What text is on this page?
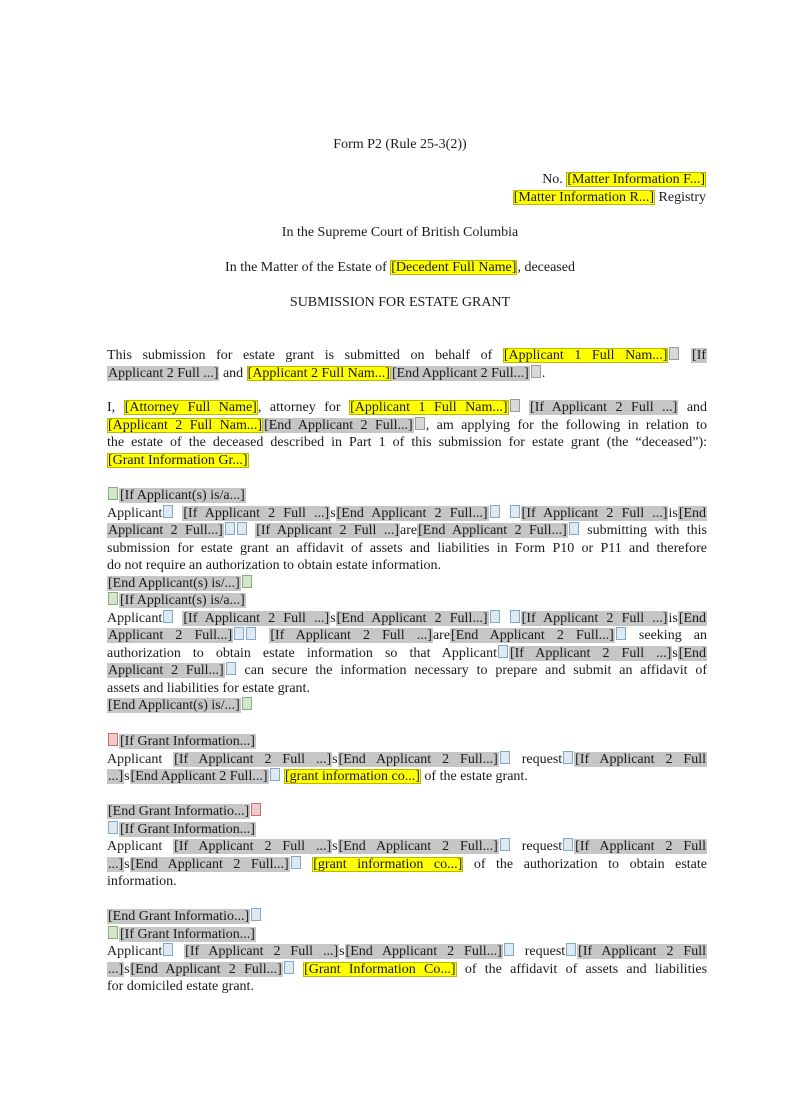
Form P2 (Rule 25-3(2))
No. [Matter Information F...]
[Matter Information R...] Registry
In the Supreme Court of British Columbia
In the Matter of the Estate of [Decedent Full Name], deceased
SUBMISSION FOR ESTATE GRANT
This submission for estate grant is submitted on behalf of [Applicant 1 Full Nam...] [If
Applicant 2 Full ...] and [Applicant 2 Full Nam...] [End Applicant 2 Full...] .
I, [Attorney Full Name], attorney for [Applicant 1 Full Nam...] [If Applicant 2 Full ...] and
[Applicant 2 Full Nam...] [End Applicant 2 Full...] , am applying for the following in relation to
the estate of the deceased described in Part 1 of this submission for estate grant (the “deceased”):
[Grant Information Gr...]
[If Applicant(s) is/a...]
Applicant [If Applicant 2 Full ...]s[End Applicant 2 Full...] [If Applicant 2 Full ...]is[End
Applicant 2 Full...] [If Applicant 2 Full ...]are[End Applicant 2 Full...] submitting with this
submission for estate grant an affidavit of assets and liabilities in Form P10 or P11 and therefore
do not require an authorization to obtain estate information.
[End Applicant(s) is/...]
[If Applicant(s) is/a...]
Applicant [If Applicant 2 Full ...]s[End Applicant 2 Full...] [If Applicant 2 Full ...]is[End
Applicant 2 Full...]	[If Applicant 2 Full ...]are[End Applicant 2 Full...] seeking an
authorization to obtain estate information so that Applicant [If Applicant 2 Full ...]s[End
Applicant 2 Full...] can secure the information necessary to prepare and submit an affidavit of
assets and liabilities for estate grant.
[End Applicant(s) is/...]
[If Grant Information...]
Applicant [If Applicant 2 Full ...]s[End Applicant 2 Full...] request [If Applicant 2 Full
...]s[End Applicant 2 Full...] [grant information co...] of the estate grant.
[End Grant Informatio...]
[If Grant Information...]
Applicant [If Applicant 2 Full ...]s[End Applicant 2 Full...] request [If Applicant 2 Full
...]s[End Applicant 2 Full...] [grant information co...] of the authorization to obtain estate
information.
[End Grant Informatio...]
[If Grant Information...]
Applicant [If Applicant 2 Full ...]s[End Applicant 2 Full...] request [If Applicant 2 Full
...]s[End Applicant 2 Full...] [Grant Information Co...] of the affidavit of assets and liabilities
for domiciled estate grant.
